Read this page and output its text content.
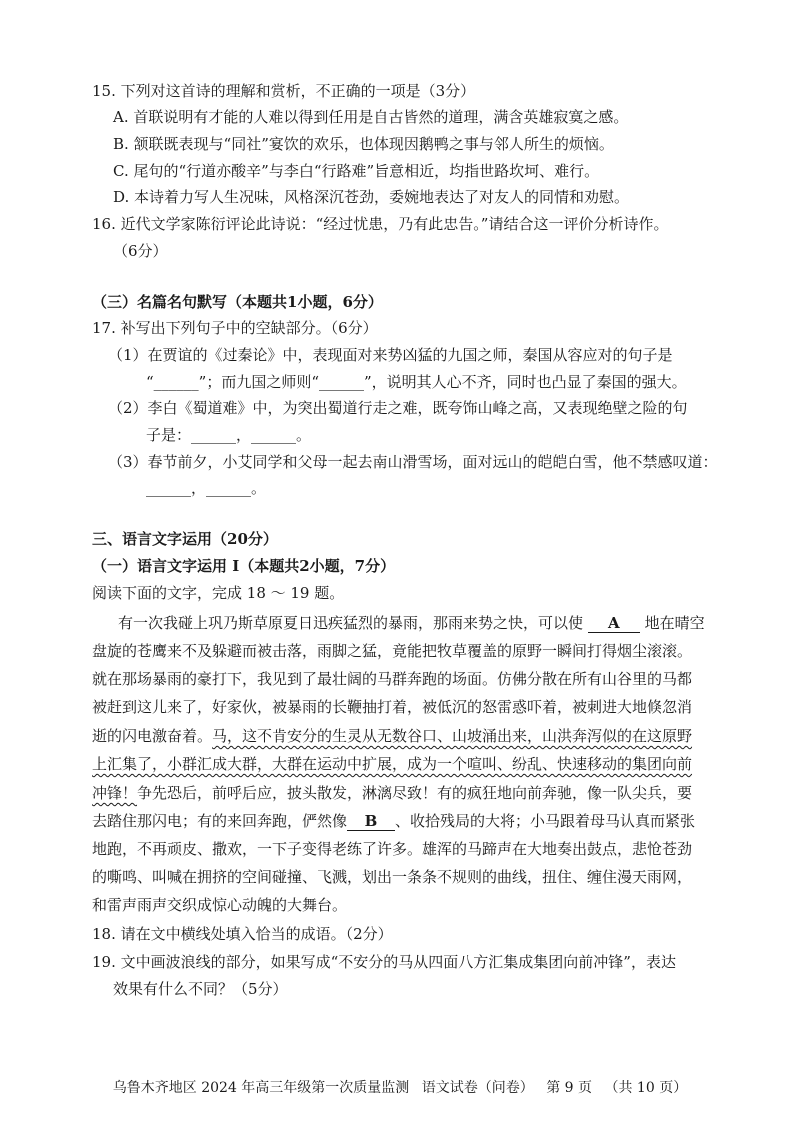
15. 下列对这首诗的理解和赏析，不正确的一项是（3分）
A. 首联说明有才能的人难以得到任用是自古皆然的道理，满含英雄寂寞之感。
B. 颔联既表现与“同社”宴饮的欢乐，也体现因鹅鸭之事与邻人所生的烦恼。
C. 尾句的“行道亦酸辛”与李白“行路难”旨意相近，均指世路坎坷、难行。
D. 本诗着力写人生况味，风格深沉苍劲，委婉地表达了对友人的同情和劝慰。
16. 近代文学家陈衍评论此诗说：“经过忧患，乃有此忠告。”请结合这一评价分析诗作。
（6分）
（三）名篇名句默写（本题共1小题，6分）
17. 补写出下列句子中的空缺部分。（6分）
（1）在贾谊的《过秦论》中，表现面对来势凶猛的九国之师，秦国从容应对的句子是
“______”；而九国之师则“______”，说明其人心不齐，同时也凸显了秦国的强大。
（2）李白《蜀道难》中，为突出蜀道行走之难，既夸饰山峰之高，又表现绝壁之险的句
子是：______，______。
（3）春节前夕，小艾同学和父母一起去南山滑雪场，面对远山的皑皑白雪，他不禁感叹道：
______，______。
三、语言文字运用（20分）
（一）语言文字运用 Ⅰ（本题共2小题，7分）
阅读下面的文字，完成 18 ～ 19 题。
有一次我碰上巩乃斯草原夏日迅疾猛烈的暴雨，那雨来势之快，可以使 A 地在晴空
盘旋的苍鹰来不及躲避而被击落，雨脚之猛，竟能把牧草覆盖的原野一瞬间打得烟尘滚滚。
就在那场暴雨的豪打下，我见到了最壮阔的马群奔跑的场面。仿佛分散在所有山谷里的马都
被赶到这儿来了，好家伙，被暴雨的长鞭抽打着，被低沉的怒雷惑吓着，被刺进大地倏忽消
逝的闪电激奋着。马，这不肯安分的生灵从无数谷口、山坡涌出来，山洪奔泻似的在这原野
上汇集了，小群汇成大群，大群在运动中扩展，成为一个喧叫、纷乱、快速移动的集团向前
冲锋！争先恐后，前呼后应，披头散发，淋漓尽致！有的疯狂地向前奔驰，像一队尖兵，要
去踏住那闪电；有的来回奔跑，俨然像 B 、收拾残局的大将；小马跟着母马认真而紧张
地跑，不再顽皮、撒欢，一下子变得老练了许多。雄浑的马蹄声在大地奏出鼓点，悲怆苍劲
的嘶鸣、叫喊在拥挤的空间碰撞、飞溅，划出一条条不规则的曲线，扭住、缠住漫天雨网，
和雷声雨声交织成惊心动魄的大舞台。
18. 请在文中横线处填入恰当的成语。（2分）
19. 文中画波浪线的部分，如果写成“不安分的马从四面八方汇集成集团向前冲锋”，表达
效果有什么不同？（5分）
乌鲁木齐地区 2024 年高三年级第一次质量监测 语文试卷（问卷） 第 9 页 （共 10 页）
